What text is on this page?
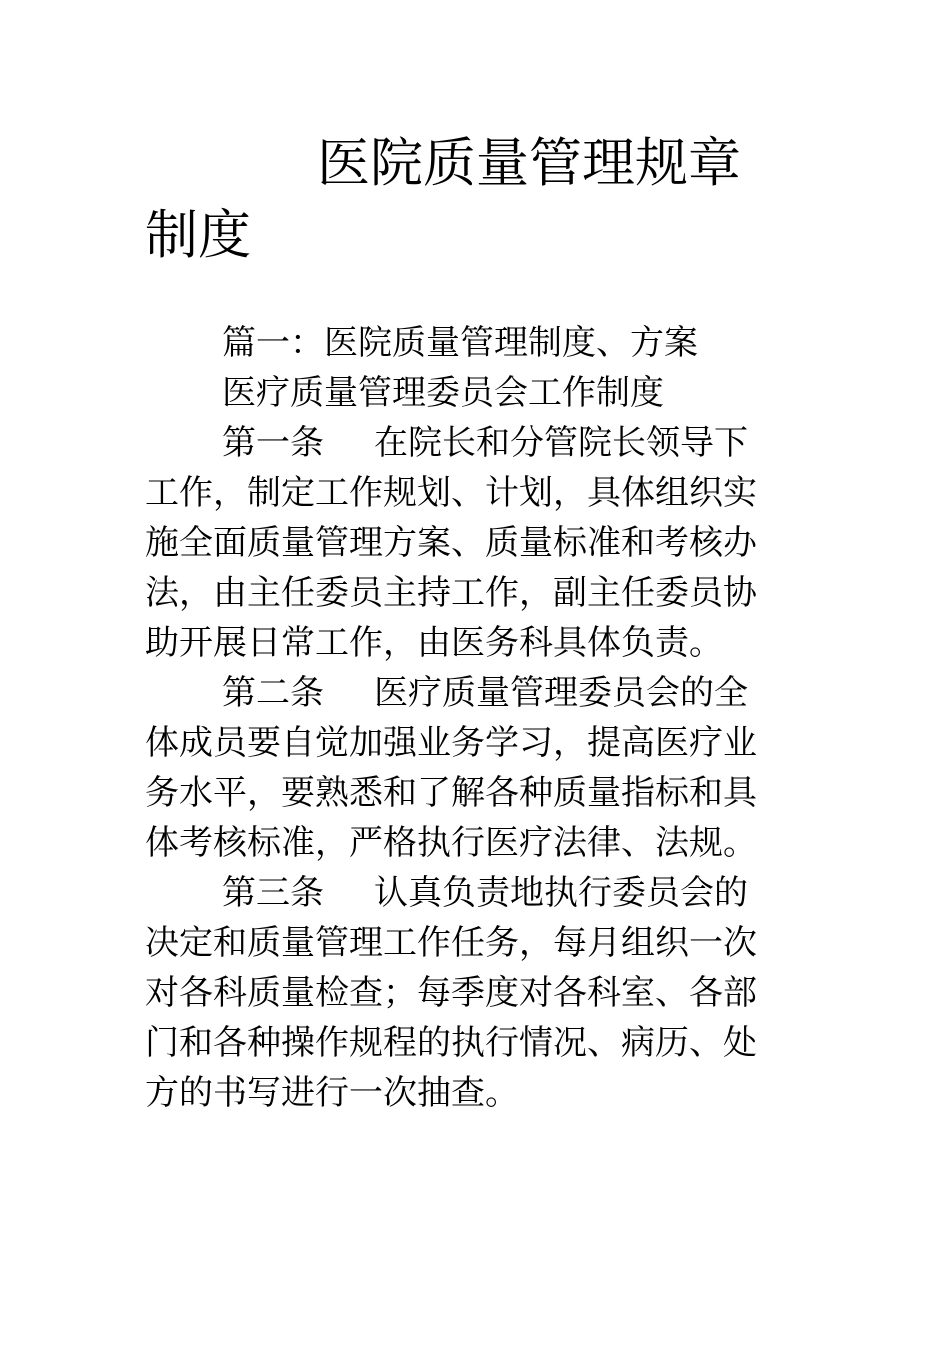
医院质量管理规章制度

篇一：医院质量管理制度、方案

医疗质量管理委员会工作制度

第一条 在院长和分管院长领导下工作，制定工作规划、计划，具体组织实施全面质量管理方案、质量标准和考核办法，由主任委员主持工作，副主任委员协助开展日常工作，由医务科具体负责。

第二条 医疗质量管理委员会的全体成员要自觉加强业务学习，提高医疗业务水平，要熟悉和了解各种质量指标和具体考核标准，严格执行医疗法律、法规。

第三条 认真负责地执行委员会的决定和质量管理工作任务，每月组织一次对各科质量检查；每季度对各科室、各部门和各种操作规程的执行情况、病历、处方的书写进行一次抽查。
